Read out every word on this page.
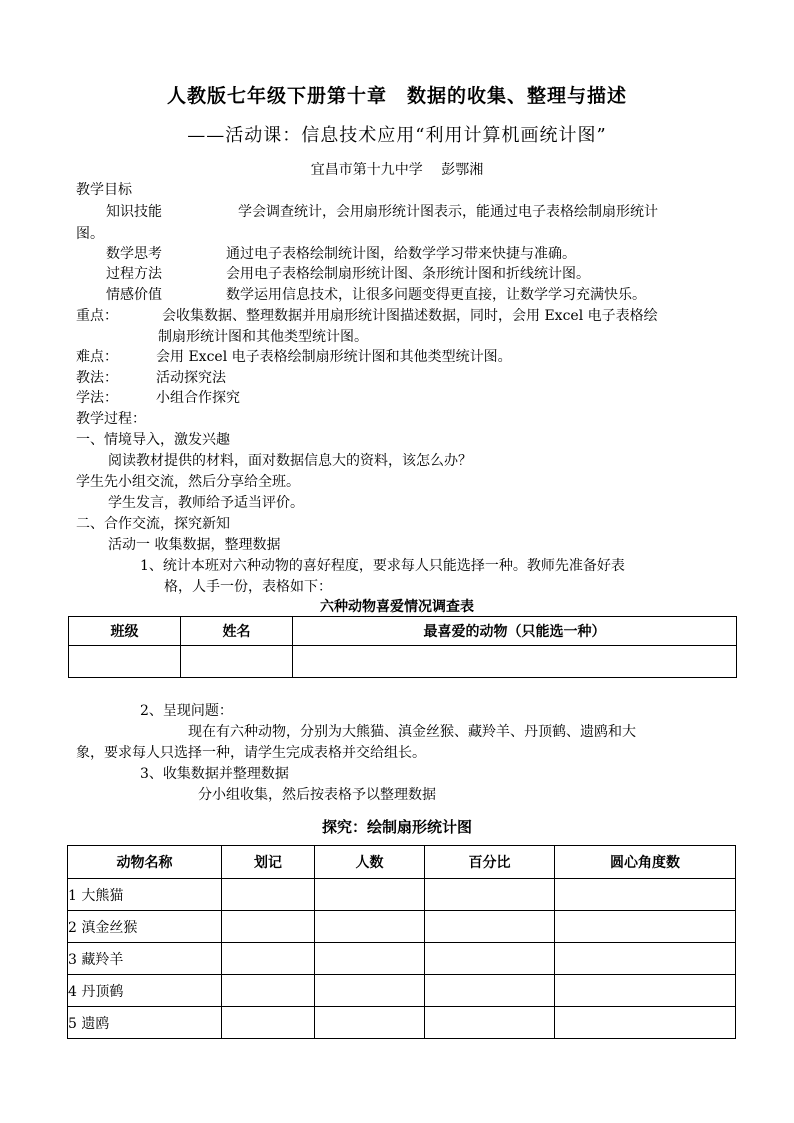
人教版七年级下册第十章　数据的收集、整理与描述
——活动课：信息技术应用“利用计算机画统计图”
宜昌市第十九中学　 彭鄂湘
教学目标
知识技能	学会调查统计，会用扇形统计图表示，能通过电子表格绘制扇形统计
图。
数学思考	通过电子表格绘制统计图，给数学学习带来快捷与准确。
过程方法	会用电子表格绘制扇形统计图、条形统计图和折线统计图。
情感价值	数学运用信息技术，让很多问题变得更直接，让数学学习充满快乐。
重点：	会收集数据、整理数据并用扇形统计图描述数据，同时，会用 Excel 电子表格绘
制扇形统计图和其他类型统计图。
难点：	会用 Excel 电子表格绘制扇形统计图和其他类型统计图。
教法：	活动探究法
学法：	小组合作探究
教学过程：
一、情境导入，激发兴趣
阅读教材提供的材料，面对数据信息大的资料，该怎么办？
学生先小组交流，然后分享给全班。
学生发言，教师给予适当评价。
二、合作交流，探究新知
活动一 收集数据，整理数据
1、统计本班对六种动物的喜好程度，要求每人只能选择一种。教师先准备好表
格，人手一份，表格如下：
六种动物喜爱情况调查表
班级	姓名	最喜爱的动物（只能选一种）

2、呈现问题：
现在有六种动物，分别为大熊猫、滇金丝猴、藏羚羊、丹顶鹤、遗鸥和大
象，要求每人只选择一种，请学生完成表格并交给组长。
3、收集数据并整理数据
分小组收集，然后按表格予以整理数据
探究：绘制扇形统计图
动物名称	划记	人数	百分比	圆心角度数
1 大熊猫				
2 滇金丝猴				
3 藏羚羊				
4 丹顶鹤				
5 遗鸥				
